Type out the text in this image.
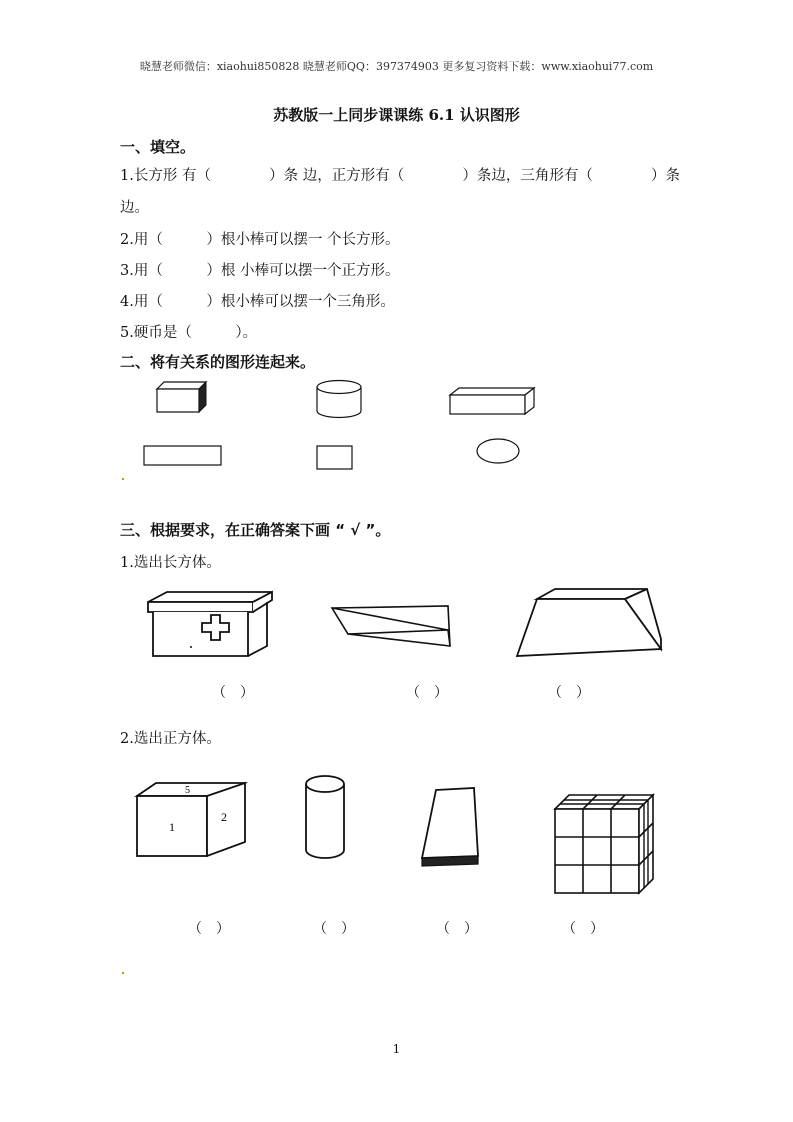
晓慧老师微信：xiaohui850828 晓慧老师QQ：397374903 更多复习资料下载：www.xiaohui77.com
苏教版一上同步课课练 6.1 认识图形
一、填空。
1.长方形 有（	）条 边，正方形有（	）条边，三角形有（	）条
边。
2.用（　　　）根小棒可以摆一 个长方形。
3.用（　　　）根 小棒可以摆一个正方形。
4.用（　　　）根小棒可以摆一个三角形。
5.硬币是（　　　）。
二、将有关系的图形连起来。
三、根据要求，在正确答案下画 “ √ ”。
1.选出长方体。
（　）	（　）	（　）
2.选出正方体。
5
1
2
（　）	（　）	（　）	（　）
1
